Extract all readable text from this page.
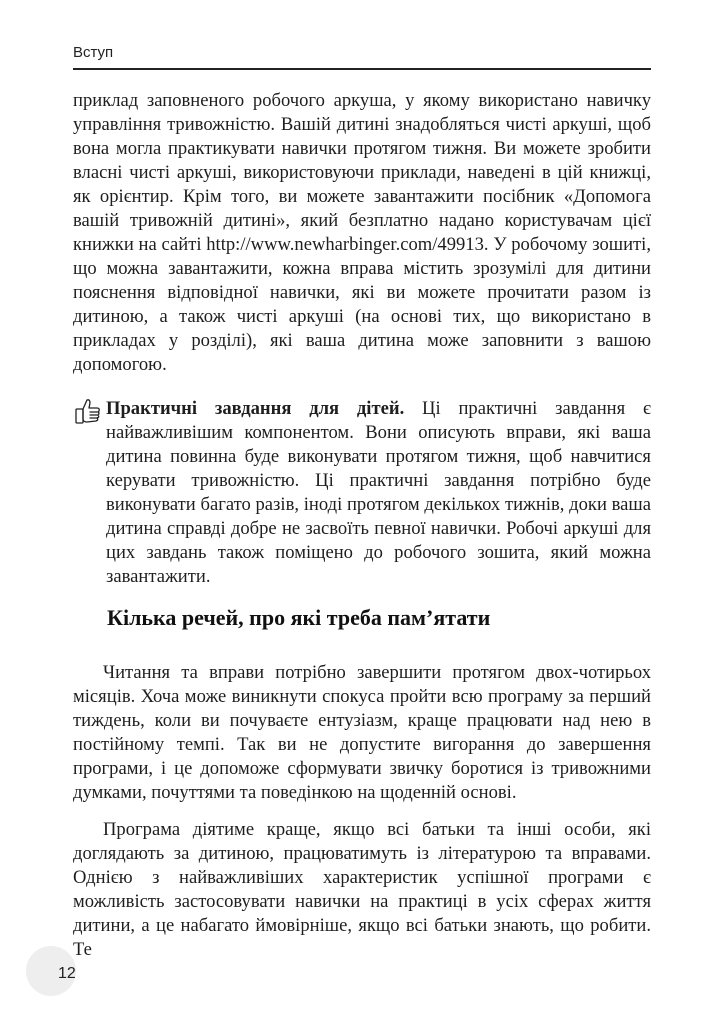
Вступ

приклад заповненого робочого аркуша, у якому використано навичку управління тривожністю. Вашій дитині знадобляться чисті аркуші, щоб вона могла практикувати навички протягом тижня. Ви можете зробити власні чисті аркуші, використовуючи приклади, наведені в цій книжці, як орієнтир. Крім того, ви можете завантажити посібник «Допомога вашій тривожній дитині», який безплатно надано користувачам цієї книжки на сайті http://www.newharbinger.com/49913. У робочому зошиті, що можна завантажити, кожна вправа містить зрозумілі для дитини пояснення відповідної навички, які ви можете прочитати разом із дитиною, а також чисті аркуші (на основі тих, що використано в прикладах у розділі), які ваша дитина може заповнити з вашою допомогою.

Практичні завдання для дітей. Ці практичні завдання є найважливішим компонентом. Вони описують вправи, які ваша дитина повинна буде виконувати протягом тижня, щоб навчитися керувати тривожністю. Ці практичні завдання потрібно буде виконувати багато разів, іноді протягом декількох тижнів, доки ваша дитина справді добре не засвоїть певної навички. Робочі аркуші для цих завдань також поміщено до робочого зошита, який можна завантажити.

Кілька речей, про які треба пам’ятати

Читання та вправи потрібно завершити протягом двох-чотирьох місяців. Хоча може виникнути спокуса пройти всю програму за перший тиждень, коли ви почуваєте ентузіазм, краще працювати над нею в постійному темпі. Так ви не допустите вигорання до завершення програми, і це допоможе сформувати звичку боротися із тривожними думками, почуттями та поведінкою на щоденній основі.

Програма діятиме краще, якщо всі батьки та інші особи, які доглядають за дитиною, працюватимуть із літературою та вправами. Однією з найважливіших характеристик успішної програми є можливість застосовувати навички на практиці в усіх сферах життя дитини, а це набагато ймовірніше, якщо всі батьки знають, що робити. Те

12
